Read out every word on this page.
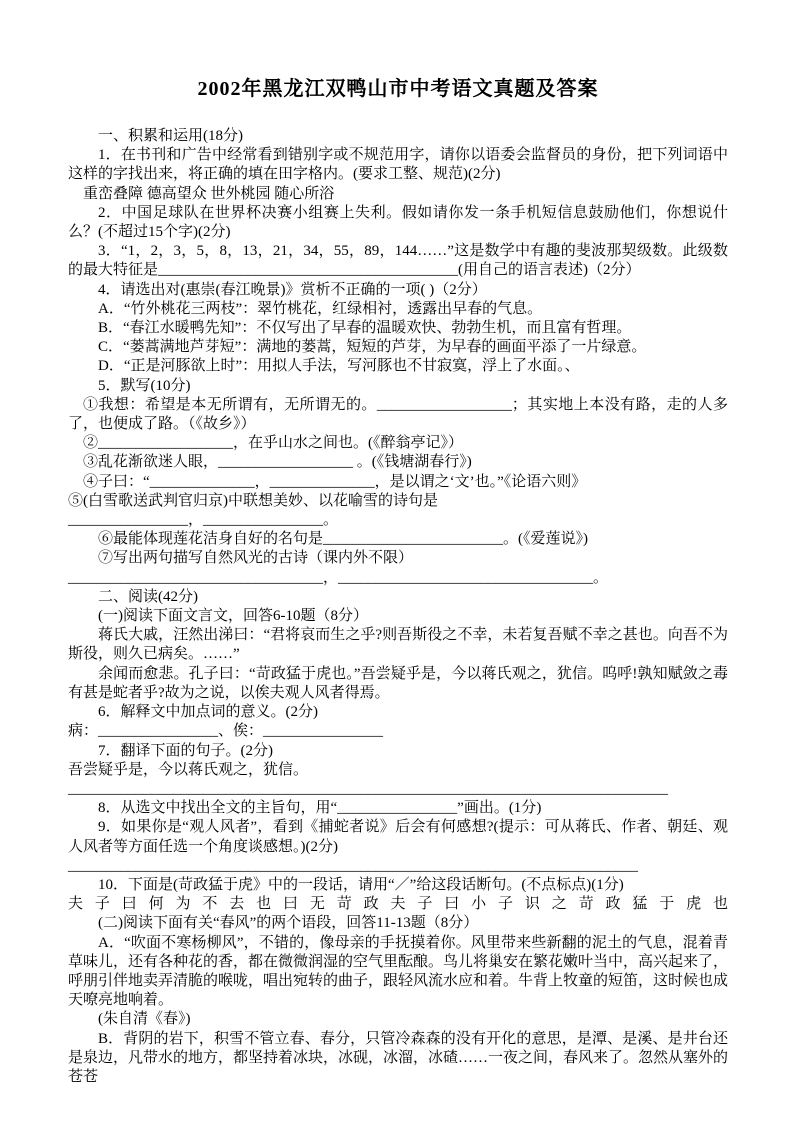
2002年黑龙江双鸭山市中考语文真题及答案

一、积累和运用(18分)

1．在书刊和广告中经常看到错别字或不规范用字，请你以语委会监督员的身份，把下列词语中这样的字找出来，将正确的填在田字格内。(要求工整、规范)(2分)

重峦叠障 德高望众 世外桃园 随心所浴

2．中国足球队在世界杯决赛小组赛上失利。假如请你发一条手机短信息鼓励他们，你想说什么？(不超过15个字)(2分)

3．“1，2，3，5，8，13，21，34，55，89，144……”这是数学中有趣的斐波那契级数。此级数的最大特征是________________________________________(用自己的语言表述)（2分）

4．请选出对(惠崇(春江晚景)》赏析不正确的一项( )（2分）

A．“竹外桃花三两枝”：翠竹桃花，红绿相衬，透露出早春的气息。

B．“春江水暖鸭先知”：不仅写出了早春的温暖欢快、勃勃生机，而且富有哲理。

C．“蒌蒿满地芦芽短”：满地的蒌蒿，短短的芦芽，为早春的画面平添了一片绿意。

D．“正是河豚欲上时”：用拟人手法，写河豚也不甘寂寞，浮上了水面。、

5．默写(10分)

①我想：希望是本无所谓有，无所谓无的。__________________；其实地上本没有路，走的人多了，也便成了路。（《故乡》）

②__________________，在乎山水之间也。(《醉翁亭记》）

③乱花渐欲迷人眼，__________________ 。(《钱塘湖春行》)

④子曰：“______________，______________，是以谓之‘文’也。”《论语六则》

⑤(白雪歌送武判官归京)中联想美妙、以花喻雪的诗句是

________________，________________。

⑥最能体现莲花洁身自好的名句是________________________。(《爱莲说》)

⑦写出两句描写自然风光的古诗（课内外不限）

__________________________________，__________________________________。

二、阅读(42分)

(一)阅读下面文言文，回答6-10题（8分）

蒋氏大戚，汪然出涕曰：“君将哀而生之乎?则吾斯役之不幸，未若复吾赋不幸之甚也。向吾不为斯役，则久已病矣。……”

余闻而愈悲。孔子曰：“苛政猛于虎也。”吾尝疑乎是，今以蒋氏观之，犹信。呜呼!孰知赋敛之毒有甚是蛇者乎?故为之说，以俟夫观人风者得焉。

6．解释文中加点词的意义。(2分)

病：________________、俟：________________

7．翻译下面的句子。(2分)

吾尝疑乎是，今以蒋氏观之，犹信。

________________________________________________________________________________

8．从选文中找出全文的主旨句，用“________________”画出。(1分)

9．如果你是“观人风者”，看到《捕蛇者说》后会有何感想?(提示：可从蒋氏、作者、朝廷、观人风者等方面任选一个角度谈感想。)(2分)

____________________________________________________________________________

10．下面是(苛政猛于虎》中的一段话，请用“／”给这段话断句。(不点标点)(1分)

夫 子 曰 何 为 不 去 也 曰 无 苛 政 夫 子 曰 小 子 识 之 苛 政 猛 于 虎 也

(二)阅读下面有关“春风”的两个语段，回答11-13题（8分）

A．“吹面不寒杨柳风”，不错的，像母亲的手抚摸着你。风里带来些新翻的泥土的气息，混着青草味儿，还有各种花的香，都在微微润湿的空气里酝酿。鸟儿将巢安在繁花嫩叶当中，高兴起来了，呼朋引伴地卖弄清脆的喉咙，唱出宛转的曲子，跟轻风流水应和着。牛背上牧童的短笛，这时候也成天嘹亮地响着。

(朱自清《春》)

B．背阴的岩下，积雪不管立春、春分，只管冷森森的没有开化的意思，是潭、是溪、是井台还是泉边，凡带水的地方，都坚持着冰块，冰砚，冰溜，冰碴……一夜之间，春风来了。忽然从塞外的苍苍
